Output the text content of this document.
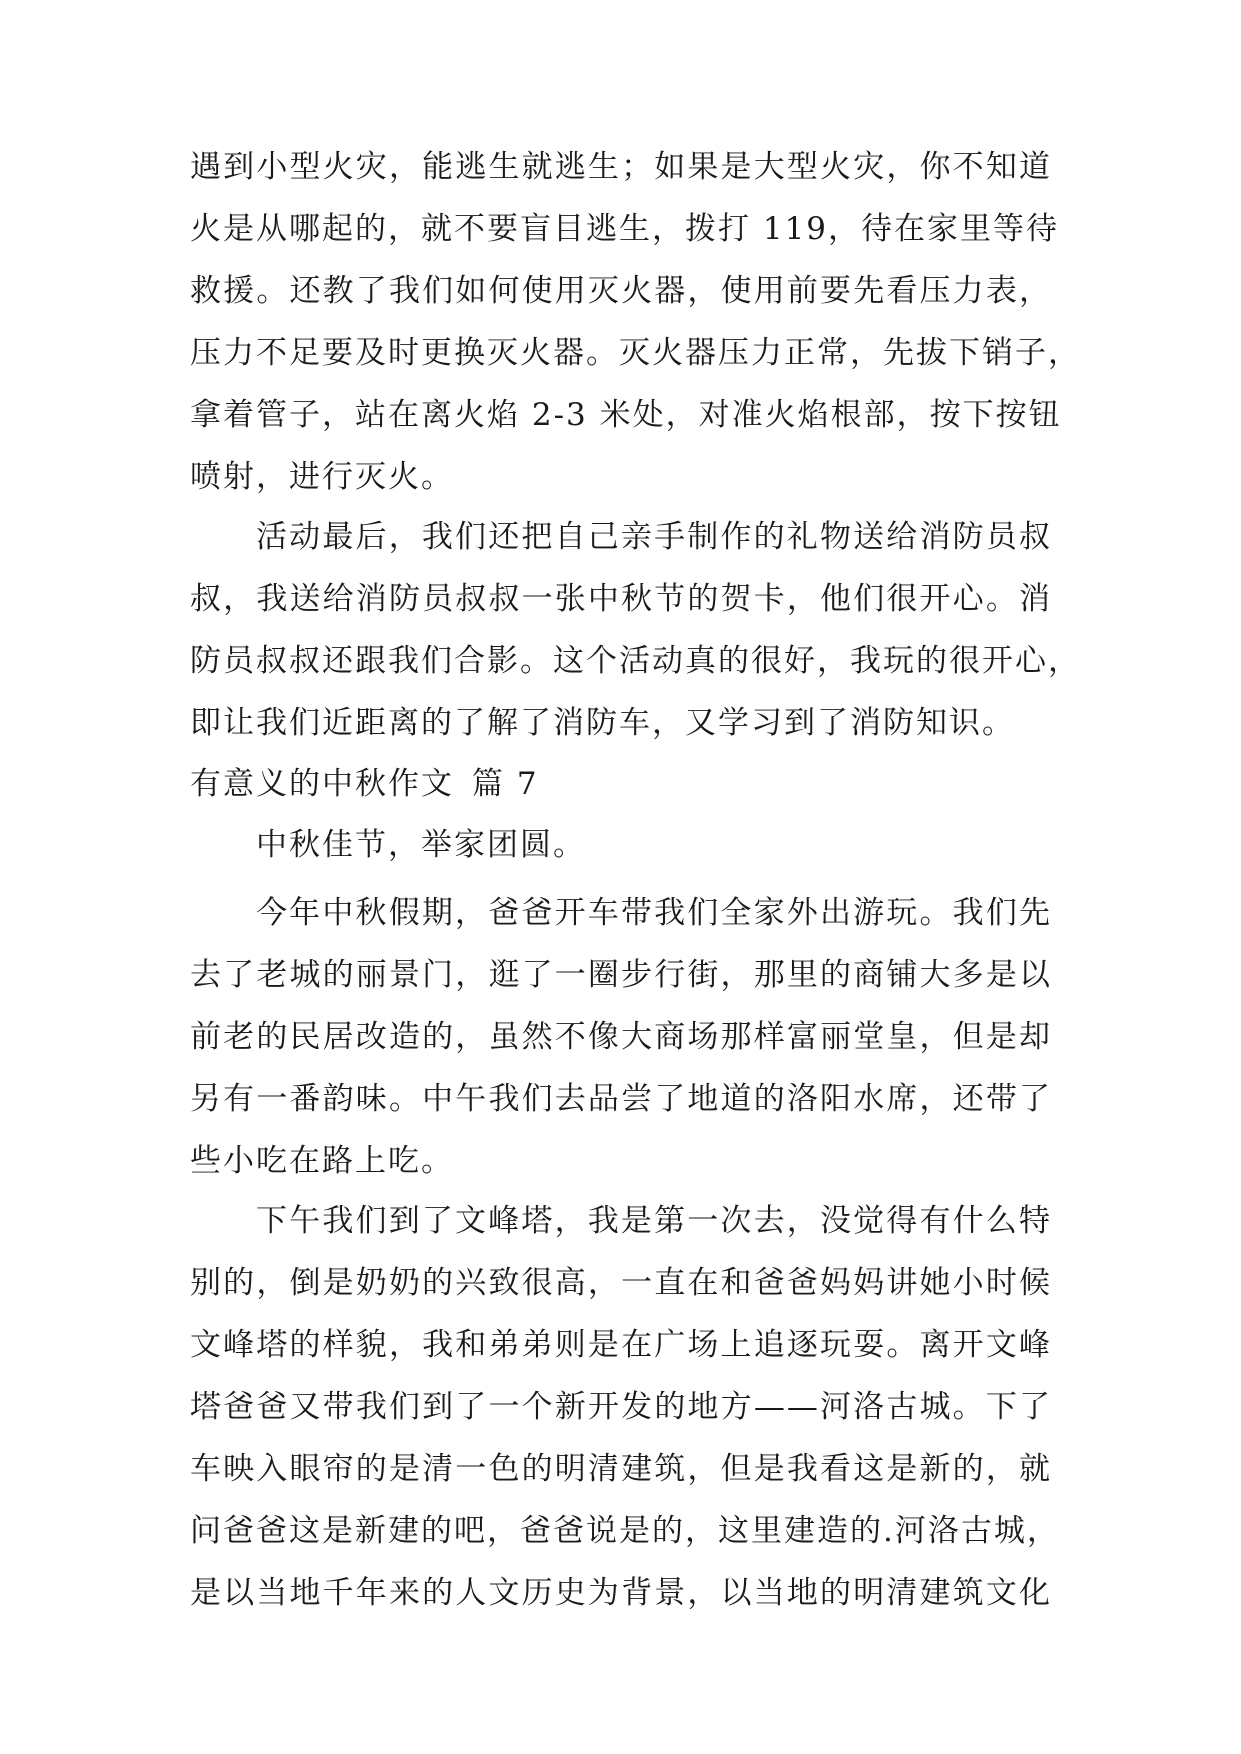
遇到小型火灾，能逃生就逃生；如果是大型火灾，你不知道
火是从哪起的，就不要盲目逃生，拨打 119，待在家里等待
救援。还教了我们如何使用灭火器，使用前要先看压力表，
压力不足要及时更换灭火器。灭火器压力正常，先拔下销子，
拿着管子，站在离火焰 2-3 米处，对准火焰根部，按下按钮
喷射，进行灭火。
活动最后，我们还把自己亲手制作的礼物送给消防员叔
叔，我送给消防员叔叔一张中秋节的贺卡，他们很开心。消
防员叔叔还跟我们合影。这个活动真的很好，我玩的很开心，
即让我们近距离的了解了消防车，又学习到了消防知识。
有意义的中秋作文 篇 7
中秋佳节，举家团圆。
今年中秋假期，爸爸开车带我们全家外出游玩。我们先
去了老城的丽景门，逛了一圈步行街，那里的商铺大多是以
前老的民居改造的，虽然不像大商场那样富丽堂皇，但是却
另有一番韵味。中午我们去品尝了地道的洛阳水席，还带了
些小吃在路上吃。
下午我们到了文峰塔，我是第一次去，没觉得有什么特
别的，倒是奶奶的兴致很高，一直在和爸爸妈妈讲她小时候
文峰塔的样貌，我和弟弟则是在广场上追逐玩耍。离开文峰
塔爸爸又带我们到了一个新开发的地方——河洛古城。下了
车映入眼帘的是清一色的明清建筑，但是我看这是新的，就
问爸爸这是新建的吧，爸爸说是的，这里建造的.河洛古城，
是以当地千年来的人文历史为背景，以当地的明清建筑文化
